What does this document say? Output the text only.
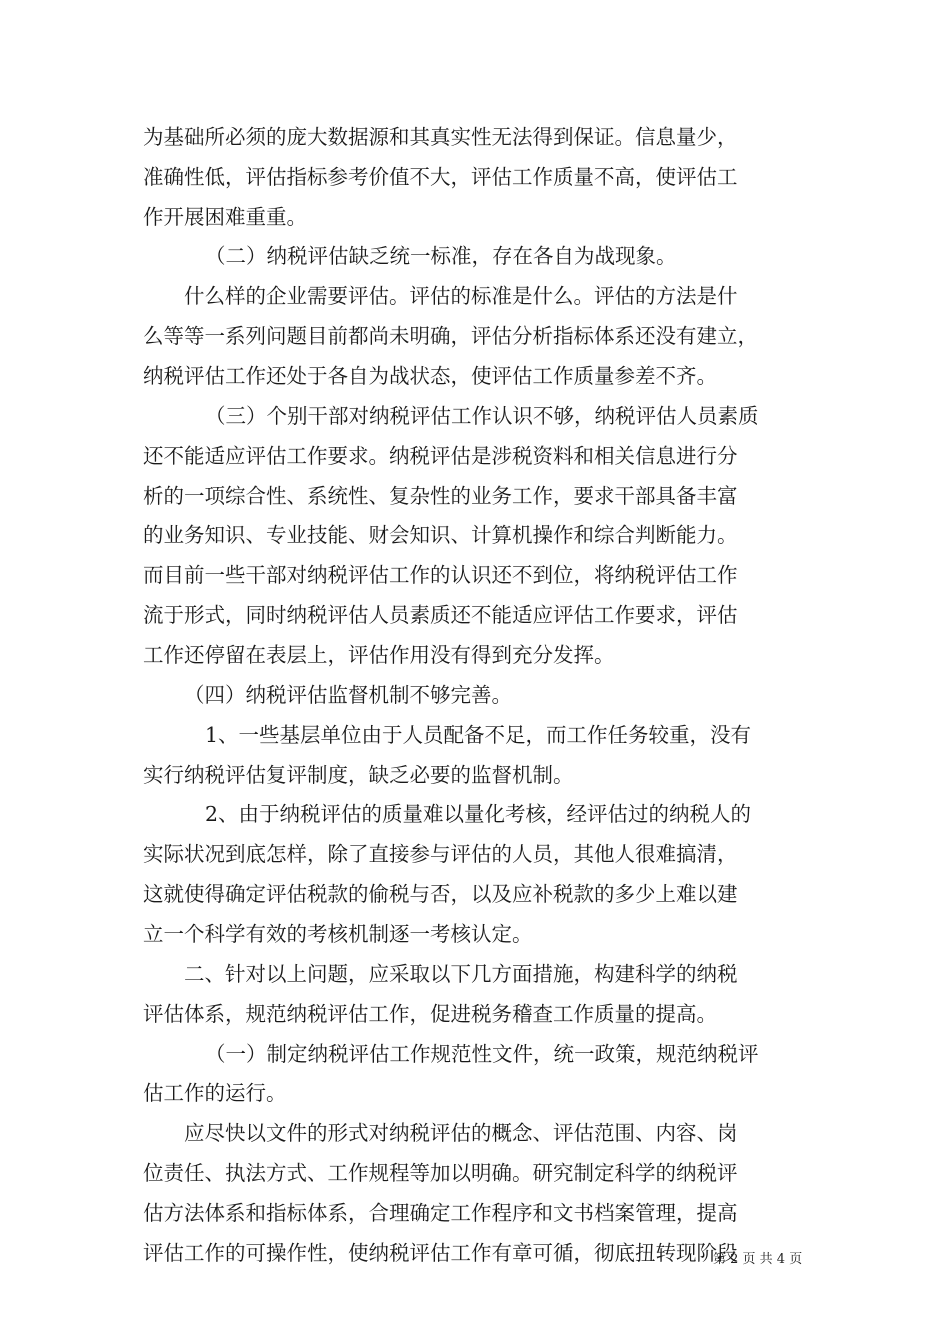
为基础所必须的庞大数据源和其真实性无法得到保证。信息量少，
准确性低，评估指标参考价值不大，评估工作质量不高，使评估工
作开展困难重重。
（二）纳税评估缺乏统一标准，存在各自为战现象。
什么样的企业需要评估。评估的标准是什么。评估的方法是什
么等等一系列问题目前都尚未明确，评估分析指标体系还没有建立，
纳税评估工作还处于各自为战状态，使评估工作质量参差不齐。
（三）个别干部对纳税评估工作认识不够，纳税评估人员素质
还不能适应评估工作要求。纳税评估是涉税资料和相关信息进行分
析的一项综合性、系统性、复杂性的业务工作，要求干部具备丰富
的业务知识、专业技能、财会知识、计算机操作和综合判断能力。
而目前一些干部对纳税评估工作的认识还不到位，将纳税评估工作
流于形式，同时纳税评估人员素质还不能适应评估工作要求，评估
工作还停留在表层上，评估作用没有得到充分发挥。
（四）纳税评估监督机制不够完善。
1、一些基层单位由于人员配备不足，而工作任务较重，没有
实行纳税评估复评制度，缺乏必要的监督机制。
2、由于纳税评估的质量难以量化考核，经评估过的纳税人的
实际状况到底怎样，除了直接参与评估的人员，其他人很难搞清，
这就使得确定评估税款的偷税与否，以及应补税款的多少上难以建
立一个科学有效的考核机制逐一考核认定。
二、针对以上问题，应采取以下几方面措施，构建科学的纳税
评估体系，规范纳税评估工作，促进税务稽查工作质量的提高。
（一）制定纳税评估工作规范性文件，统一政策，规范纳税评
估工作的运行。
应尽快以文件的形式对纳税评估的概念、评估范围、内容、岗
位责任、执法方式、工作规程等加以明确。研究制定科学的纳税评
估方法体系和指标体系，合理确定工作程序和文书档案管理，提高
评估工作的可操作性，使纳税评估工作有章可循，彻底扭转现阶段
第 2 页 共 4 页
